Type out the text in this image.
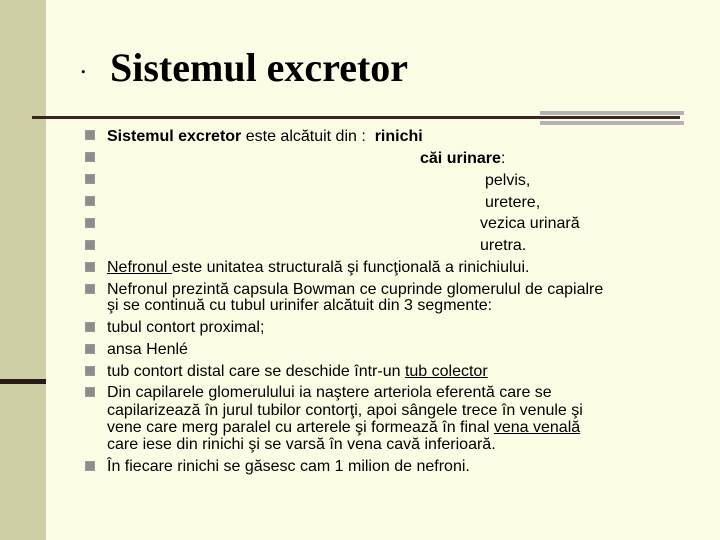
. Sistemul excretor
Sistemul excretor este alcătuit din :  rinichi
căi urinare:
pelvis,
uretere,
vezica urinară
uretra.
Nefronul este unitatea structurală şi funcţională a rinichiului.
Nefronul prezintă capsula Bowman ce cuprinde glomerulul de capialre
şi se continuă cu tubul urinifer alcătuit din 3 segmente:
tubul contort proximal;
ansa Henlé
tub contort distal care se deschide într-un tub colector
Din capilarele glomerulului ia naştere arteriola eferentă care se
capilarizează în jurul tubilor contorţi, apoi sângele trece în venule şi
vene care merg paralel cu arterele şi formează în final vena venală
care iese din rinichi şi se varsă în vena cavă inferioară.
În fiecare rinichi se găsesc cam 1 milion de nefroni.
